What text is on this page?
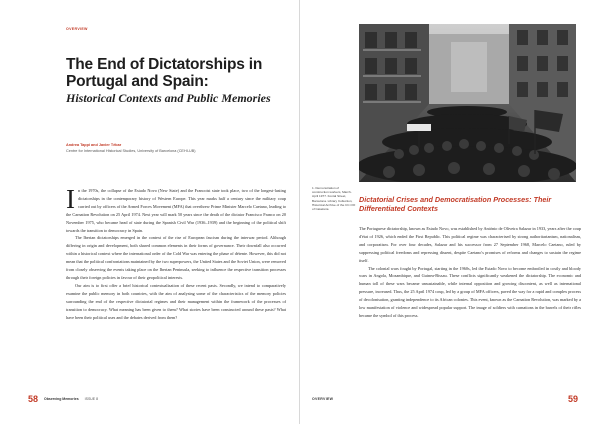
OVERVIEW
The End of Dictatorships in Portugal and Spain:
Historical Contexts and Public Memories
Andrea Tappi and Javier Tébar
Centre for International Historical Studies, University of Barcelona (CEHI-UB)

In the 1970s, the collapse of the Estado Novo (New State) and the Francoist state took place, two of the longest-lasting dictatorships in the contemporary history of Western Europe. This year marks half a century since the military coup carried out by officers of the Armed Forces Movement (MFA) that overthrew Prime Minister Marcelo Caetano, leading to the Carnation Revolution on 25 April 1974. Next year will mark 50 years since the death of the dictator Francisco Franco on 20 November 1975, who became head of state during the Spanish Civil War (1936–1939) and the beginning of the political shift towards the transition to democracy in Spain.

The Iberian dictatorships emerged in the context of the rise of European fascism during the interwar period. Although differing in origin and development, both shared common elements in their forms of governance. Their downfall also occurred within a historical context where the international order of the Cold War was entering the phase of détente. However, this did not mean that the political confrontations maintained by the two superpowers, the United States and the Soviet Union, were removed from closely observing the events taking place on the Iberian Peninsula, seeking to influence the respective transition processes through their foreign policies in favour of their geopolitical interests.

Our aim is to first offer a brief historical contextualisation of these recent pasts. Secondly, we intend to comparatively examine the public memory in both countries, with the aim of analysing some of the characteristics of the memory policies surrounding the end of the respective dictatorial regimes and their management within the framework of the processes of transition to democracy. What meaning has been given to them? What stories have been constructed around these pasts? What have been their political uses and the debates derived from them?

58 Observing Memories ISSUE 8
1. Demonstration of construction workers, March-April 1977. Fontal Street, Barcelona. Library Collection, Historical Archive of the CC.OO of Catalonia
Dictatorial Crises and Democratisation Processes: Their Differentiated Contexts

The Portuguese dictatorship, known as Estado Novo, was established by António de Oliveira Salazar in 1933, years after the coup d'état of 1926, which ended the First Republic. This political regime was characterised by strong authoritarianism, nationalism, and corporatism. For over four decades, Salazar and his successor from 27 September 1968, Marcelo Caetano, ruled by suppressing political freedoms and repressing dissent, despite Caetano's promises of reforms and changes to sustain the regime itself.

The colonial wars fought by Portugal, starting in the 1960s, led the Estado Novo to become embroiled in costly and bloody wars in Angola, Mozambique, and Guinea-Bissau. These conflicts significantly weakened the dictatorship. The economic and human toll of these wars became unsustainable, while internal opposition and growing discontent, as well as international pressure, increased. Thus, the 25 April 1974 coup, led by a group of MFA officers, paved the way for a rapid and complex process of decolonisation, granting independence to its African colonies. This event, known as the Carnation Revolution, was marked by a low manifestation of violence and widespread popular support. The image of soldiers with carnations in the barrels of their rifles became the symbol of this process.

OVERVIEW	59
